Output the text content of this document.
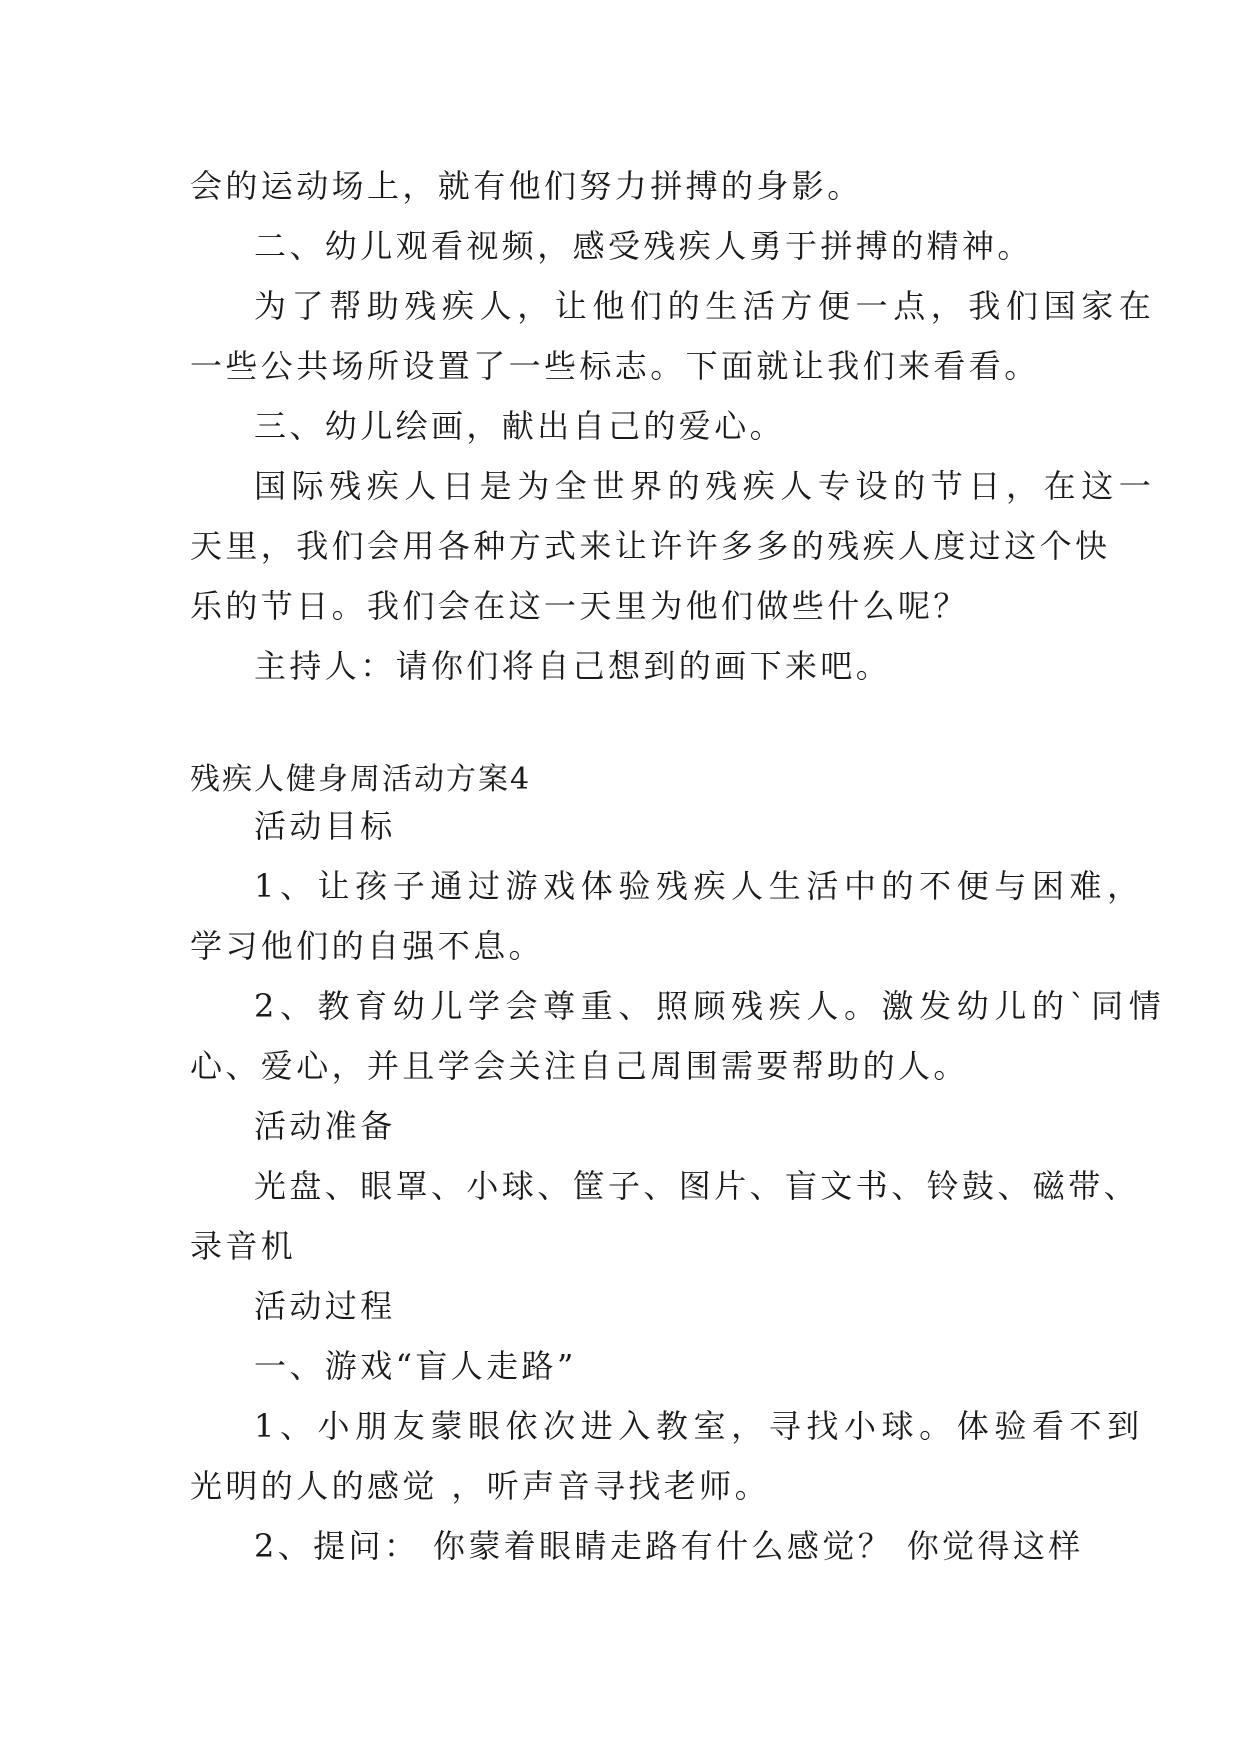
会的运动场上，就有他们努力拼搏的身影。
二、幼儿观看视频，感受残疾人勇于拼搏的精神。
为了帮助残疾人，让他们的生活方便一点，我们国家在
一些公共场所设置了一些标志。下面就让我们来看看。
三、幼儿绘画，献出自己的爱心。
国际残疾人日是为全世界的残疾人专设的节日，在这一
天里，我们会用各种方式来让许许多多的残疾人度过这个快
乐的节日。我们会在这一天里为他们做些什么呢？
主持人：请你们将自己想到的画下来吧。
残疾人健身周活动方案4
活动目标
1、让孩子通过游戏体验残疾人生活中的不便与困难，
学习他们的自强不息。
2、教育幼儿学会尊重、照顾残疾人。激发幼儿的`同情
心、爱心，并且学会关注自己周围需要帮助的人。
活动准备
光盘、眼罩、小球、筐子、图片、盲文书、铃鼓、磁带、
录音机
活动过程
一、游戏“盲人走路”
1、小朋友蒙眼依次进入教室，寻找小球。体验看不到
光明的人的感觉 ，听声音寻找老师。
2、提问： 你蒙着眼睛走路有什么感觉？ 你觉得这样
